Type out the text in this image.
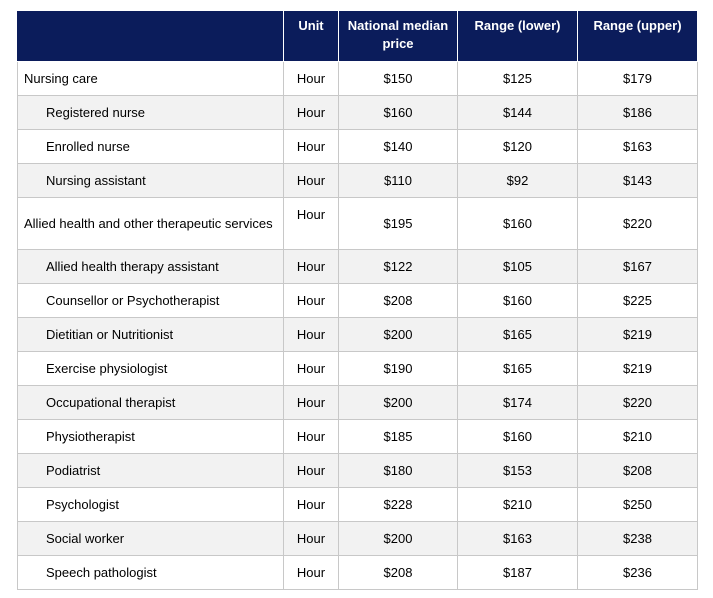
	Unit	National median price	Range (lower)	Range (upper)
Nursing care	Hour	$150	$125	$179
Registered nurse	Hour	$160	$144	$186
Enrolled nurse	Hour	$140	$120	$163
Nursing assistant	Hour	$110	$92	$143
Allied health and other therapeutic services	Hour	$195	$160	$220
Allied health therapy assistant	Hour	$122	$105	$167
Counsellor or Psychotherapist	Hour	$208	$160	$225
Dietitian or Nutritionist	Hour	$200	$165	$219
Exercise physiologist	Hour	$190	$165	$219
Occupational therapist	Hour	$200	$174	$220
Physiotherapist	Hour	$185	$160	$210
Podiatrist	Hour	$180	$153	$208
Psychologist	Hour	$228	$210	$250
Social worker	Hour	$200	$163	$238
Speech pathologist	Hour	$208	$187	$236
